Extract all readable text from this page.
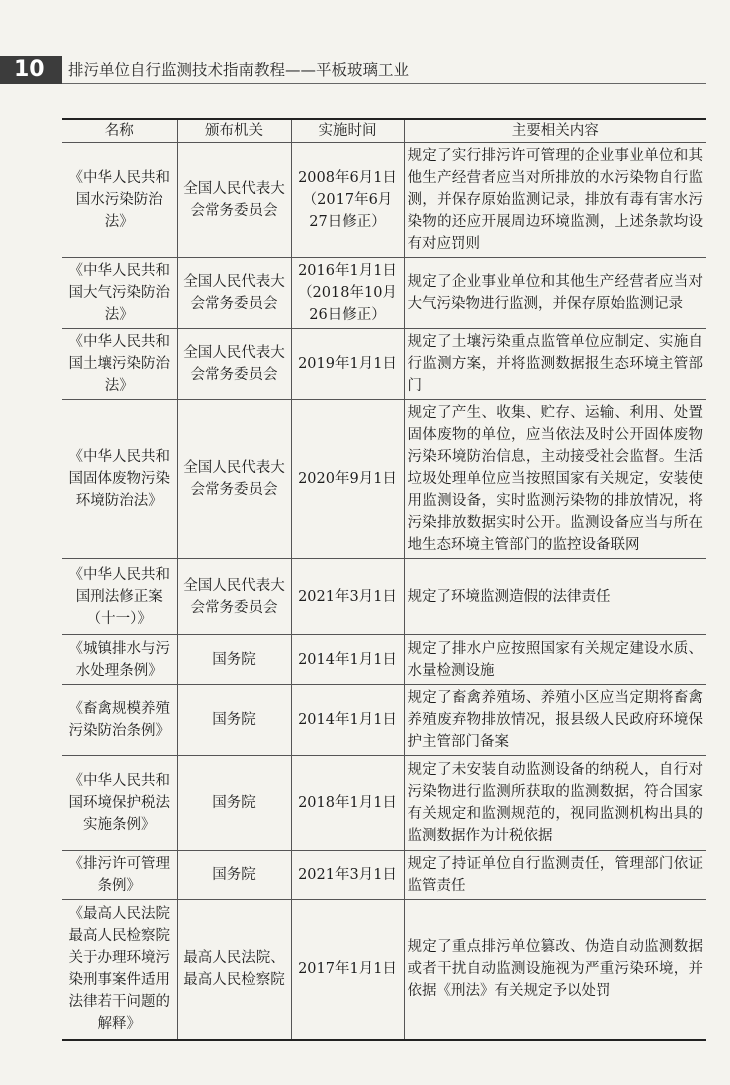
10 排污单位自行监测技术指南教程——平板玻璃工业
名称	颁布机关	实施时间	主要相关内容
《中华人民共和国水污染防治法》	全国人民代表大会常务委员会	2008年6月1日（2017年6月27日修正）	规定了实行排污许可管理的企业事业单位和其他生产经营者应当对所排放的水污染物自行监测，并保存原始监测记录，排放有毒有害水污染物的还应开展周边环境监测，上述条款均设有对应罚则
《中华人民共和国大气污染防治法》	全国人民代表大会常务委员会	2016年1月1日（2018年10月26日修正）	规定了企业事业单位和其他生产经营者应当对大气污染物进行监测，并保存原始监测记录
《中华人民共和国土壤污染防治法》	全国人民代表大会常务委员会	2019年1月1日	规定了土壤污染重点监管单位应制定、实施自行监测方案，并将监测数据报生态环境主管部门
《中华人民共和国固体废物污染环境防治法》	全国人民代表大会常务委员会	2020年9月1日	规定了产生、收集、贮存、运输、利用、处置固体废物的单位，应当依法及时公开固体废物污染环境防治信息，主动接受社会监督。生活垃圾处理单位应当按照国家有关规定，安装使用监测设备，实时监测污染物的排放情况，将污染排放数据实时公开。监测设备应当与所在地生态环境主管部门的监控设备联网
《中华人民共和国刑法修正案（十一）》	全国人民代表大会常务委员会	2021年3月1日	规定了环境监测造假的法律责任
《城镇排水与污水处理条例》	国务院	2014年1月1日	规定了排水户应按照国家有关规定建设水质、水量检测设施
《畜禽规模养殖污染防治条例》	国务院	2014年1月1日	规定了畜禽养殖场、养殖小区应当定期将畜禽养殖废弃物排放情况，报县级人民政府环境保护主管部门备案
《中华人民共和国环境保护税法实施条例》	国务院	2018年1月1日	规定了未安装自动监测设备的纳税人，自行对污染物进行监测所获取的监测数据，符合国家有关规定和监测规范的，视同监测机构出具的监测数据作为计税依据
《排污许可管理条例》	国务院	2021年3月1日	规定了持证单位自行监测责任，管理部门依证监管责任
《最高人民法院最高人民检察院关于办理环境污染刑事案件适用法律若干问题的解释》	最高人民法院、最高人民检察院	2017年1月1日	规定了重点排污单位篡改、伪造自动监测数据或者干扰自动监测设施视为严重污染环境，并依据《刑法》有关规定予以处罚
